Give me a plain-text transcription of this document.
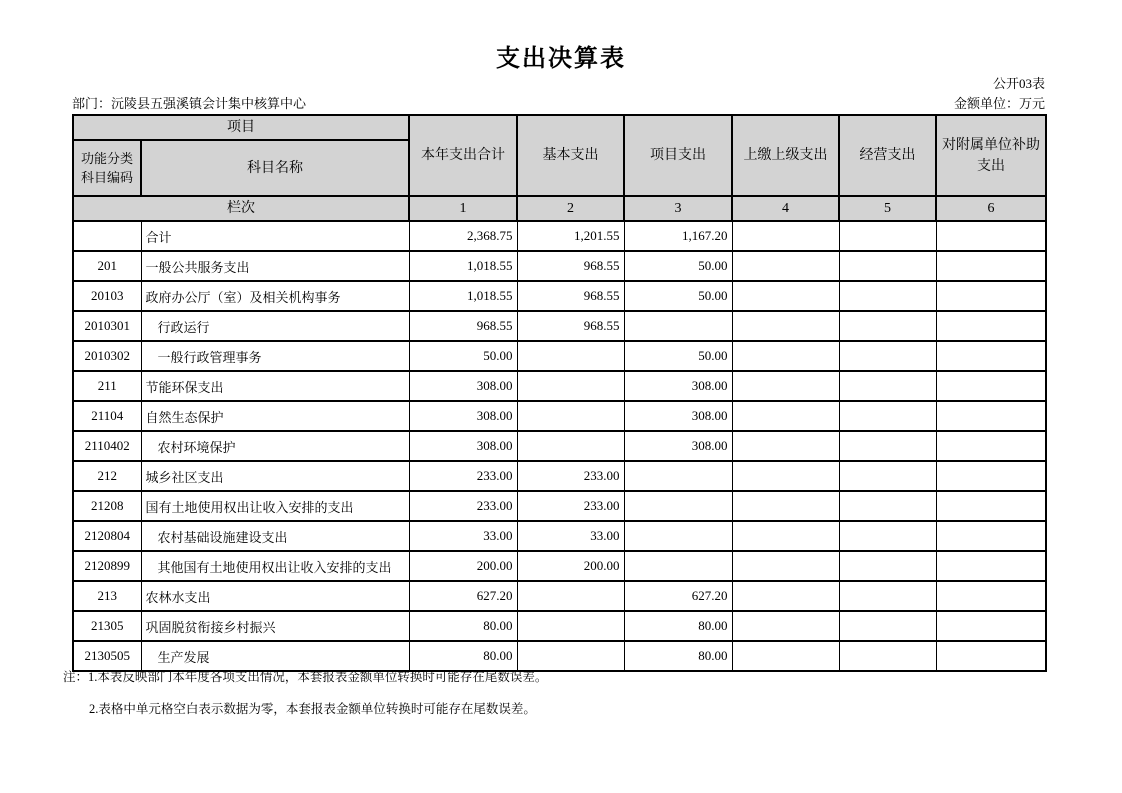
支出决算表
公开03表
部门：沅陵县五强溪镇会计集中核算中心	金额单位：万元
项目		本年支出合计	基本支出	项目支出	上缴上级支出	经营支出	对附属单位补助支出
功能分类科目编码	科目名称						
栏次		1	2	3	4	5	6
	合计	2,368.75	1,201.55	1,167.20			
201	一般公共服务支出	1,018.55	968.55	50.00			
20103	政府办公厅（室）及相关机构事务	1,018.55	968.55	50.00			
2010301	行政运行	968.55	968.55				
2010302	一般行政管理事务	50.00		50.00			
211	节能环保支出	308.00		308.00			
21104	自然生态保护	308.00		308.00			
2110402	农村环境保护	308.00		308.00			
212	城乡社区支出	233.00	233.00				
21208	国有土地使用权出让收入安排的支出	233.00	233.00				
2120804	农村基础设施建设支出	33.00	33.00				
2120899	其他国有土地使用权出让收入安排的支出	200.00	200.00				
213	农林水支出	627.20		627.20			
21305	巩固脱贫衔接乡村振兴	80.00		80.00			
2130505	生产发展	80.00		80.00			
注：1.本表反映部门本年度各项支出情况，本套报表金额单位转换时可能存在尾数误差。
2.表格中单元格空白表示数据为零，本套报表金额单位转换时可能存在尾数误差。
